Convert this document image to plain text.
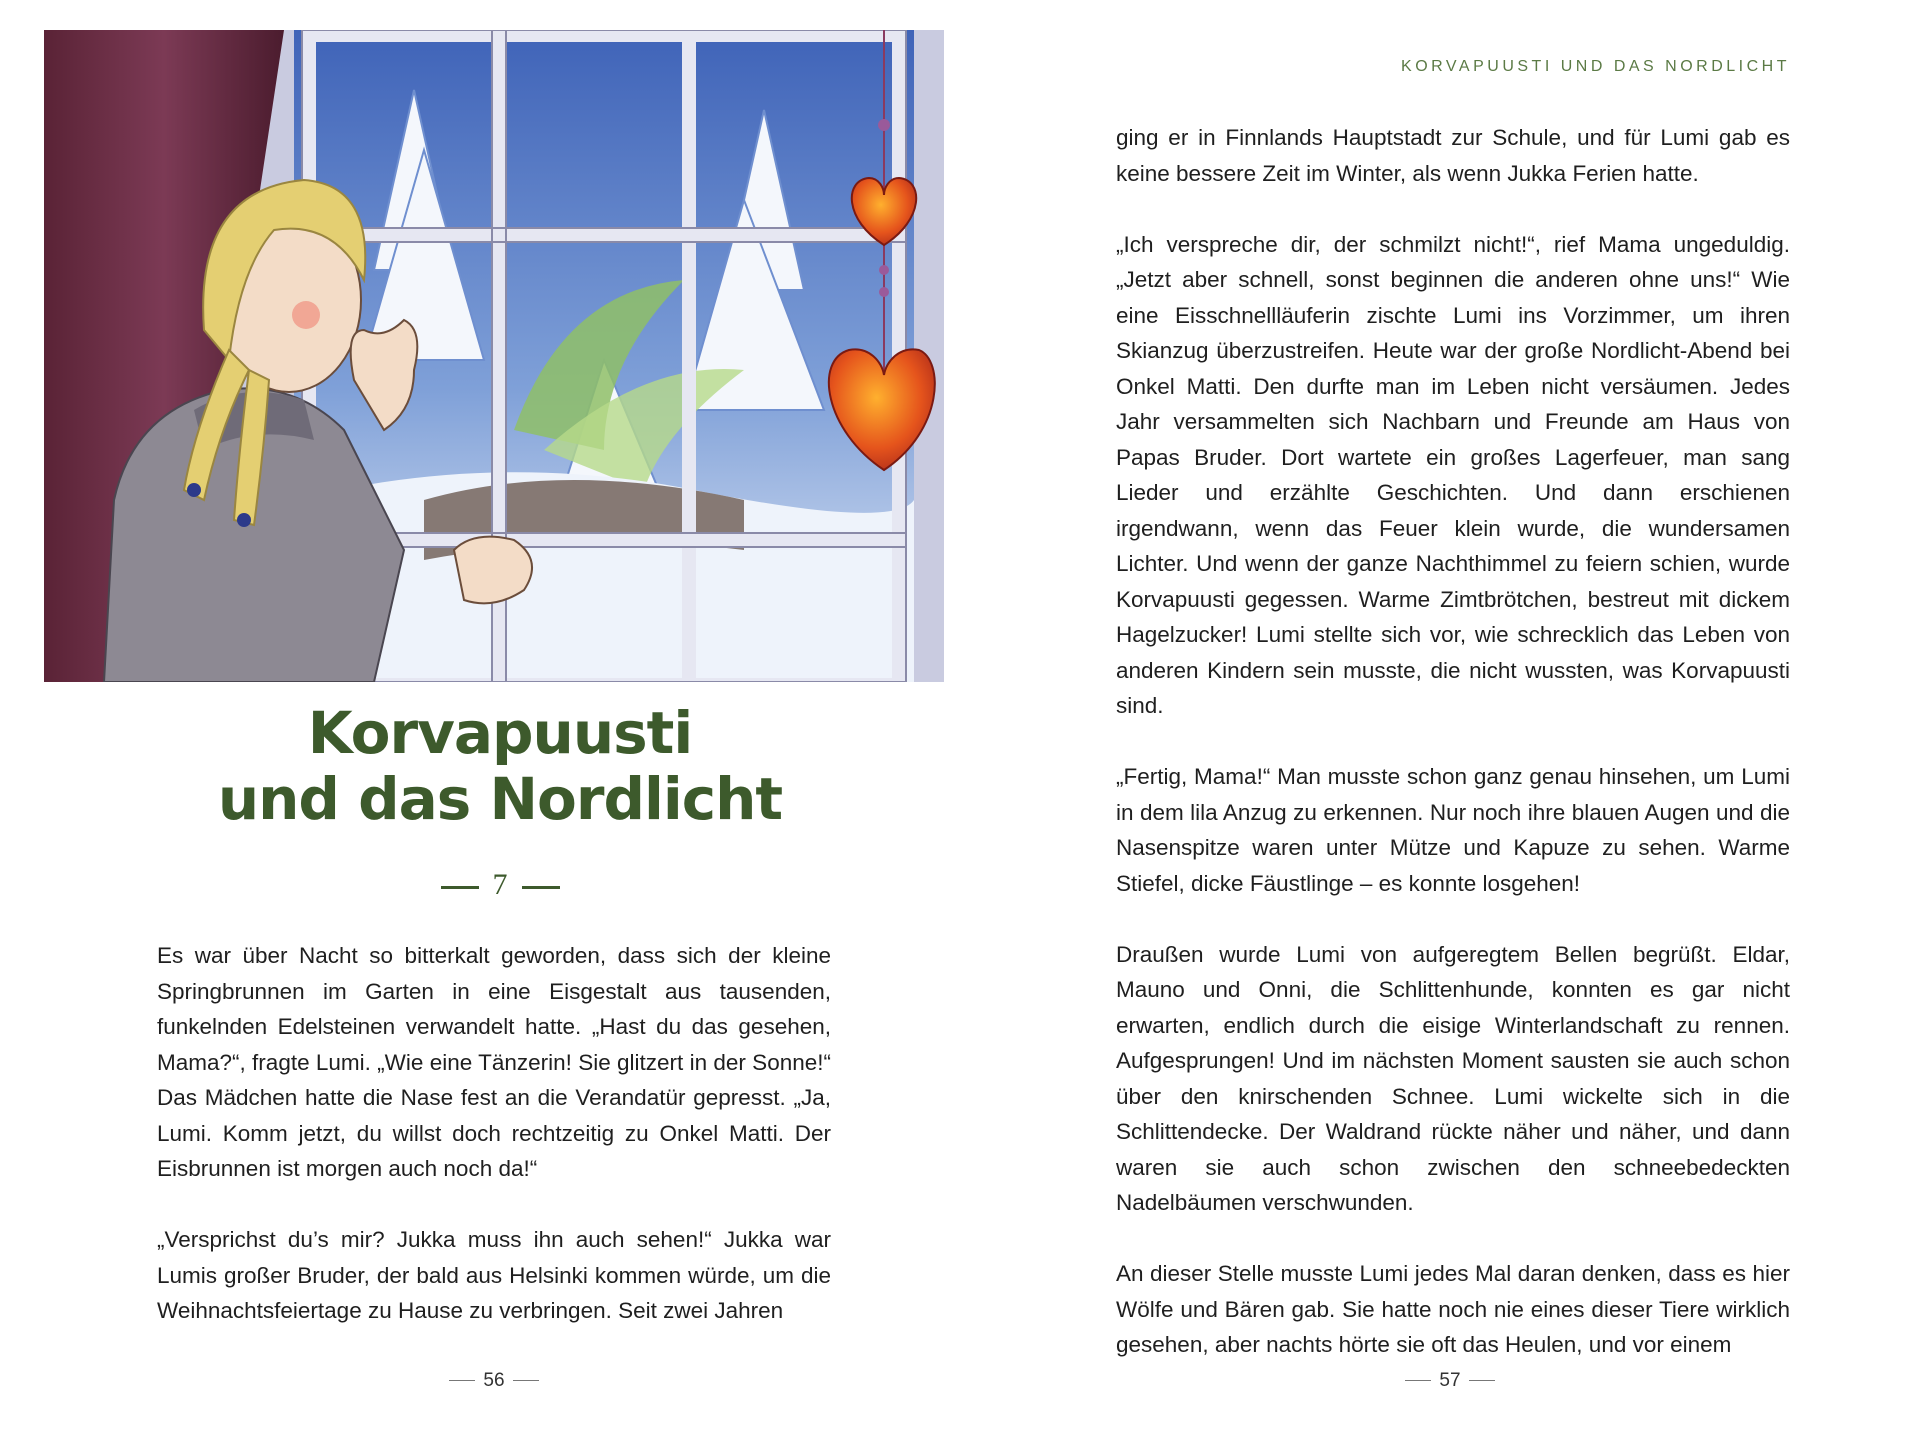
Korvapuusti
und das Nordlicht
7

Es war über Nacht so bitterkalt geworden, dass sich der kleine Springbrunnen im Garten in eine Eisgestalt aus tausenden, funkelnden Edelsteinen verwandelt hatte. „Hast du das gesehen, Mama?“, fragte Lumi. „Wie eine Tänzerin! Sie glitzert in der Sonne!“ Das Mädchen hatte die Nase fest an die Verandatür gepresst. „Ja, Lumi. Komm jetzt, du willst doch rechtzeitig zu Onkel Matti. Der Eisbrunnen ist morgen auch noch da!“

„Versprichst du’s mir? Jukka muss ihn auch sehen!“ Jukka war Lumis großer Bruder, der bald aus Helsinki kommen würde, um die Weihnachtsfeiertage zu Hause zu verbringen. Seit zwei Jahren

56
KORVAPUUSTI UND DAS NORDLICHT

ging er in Finnlands Hauptstadt zur Schule, und für Lumi gab es keine bessere Zeit im Winter, als wenn Jukka Ferien hatte.

„Ich verspreche dir, der schmilzt nicht!“, rief Mama ungeduldig. „Jetzt aber schnell, sonst beginnen die anderen ohne uns!“ Wie eine Eisschnellläuferin zischte Lumi ins Vorzimmer, um ihren Skianzug überzustreifen. Heute war der große Nordlicht-Abend bei Onkel Matti. Den durfte man im Leben nicht versäumen. Jedes Jahr versammelten sich Nachbarn und Freunde am Haus von Papas Bruder. Dort wartete ein großes Lagerfeuer, man sang Lieder und erzählte Geschichten. Und dann erschienen irgendwann, wenn das Feuer klein wurde, die wundersamen Lichter. Und wenn der ganze Nachthimmel zu feiern schien, wurde Korvapuusti gegessen. Warme Zimtbrötchen, bestreut mit dickem Hagelzucker! Lumi stellte sich vor, wie schrecklich das Leben von anderen Kindern sein musste, die nicht wussten, was Korvapuusti sind.

„Fertig, Mama!“ Man musste schon ganz genau hinsehen, um Lumi in dem lila Anzug zu erkennen. Nur noch ihre blauen Augen und die Nasenspitze waren unter Mütze und Kapuze zu sehen. Warme Stiefel, dicke Fäustlinge – es konnte losgehen!

Draußen wurde Lumi von aufgeregtem Bellen begrüßt. Eldar, Mauno und Onni, die Schlittenhunde, konnten es gar nicht erwarten, endlich durch die eisige Winterlandschaft zu rennen. Aufgesprungen! Und im nächsten Moment sausten sie auch schon über den knirschenden Schnee. Lumi wickelte sich in die Schlittendecke. Der Waldrand rückte näher und näher, und dann waren sie auch schon zwischen den schneebedeckten Nadelbäumen verschwunden.

An dieser Stelle musste Lumi jedes Mal daran denken, dass es hier Wölfe und Bären gab. Sie hatte noch nie eines dieser Tiere wirklich gesehen, aber nachts hörte sie oft das Heulen, und vor einem

57
